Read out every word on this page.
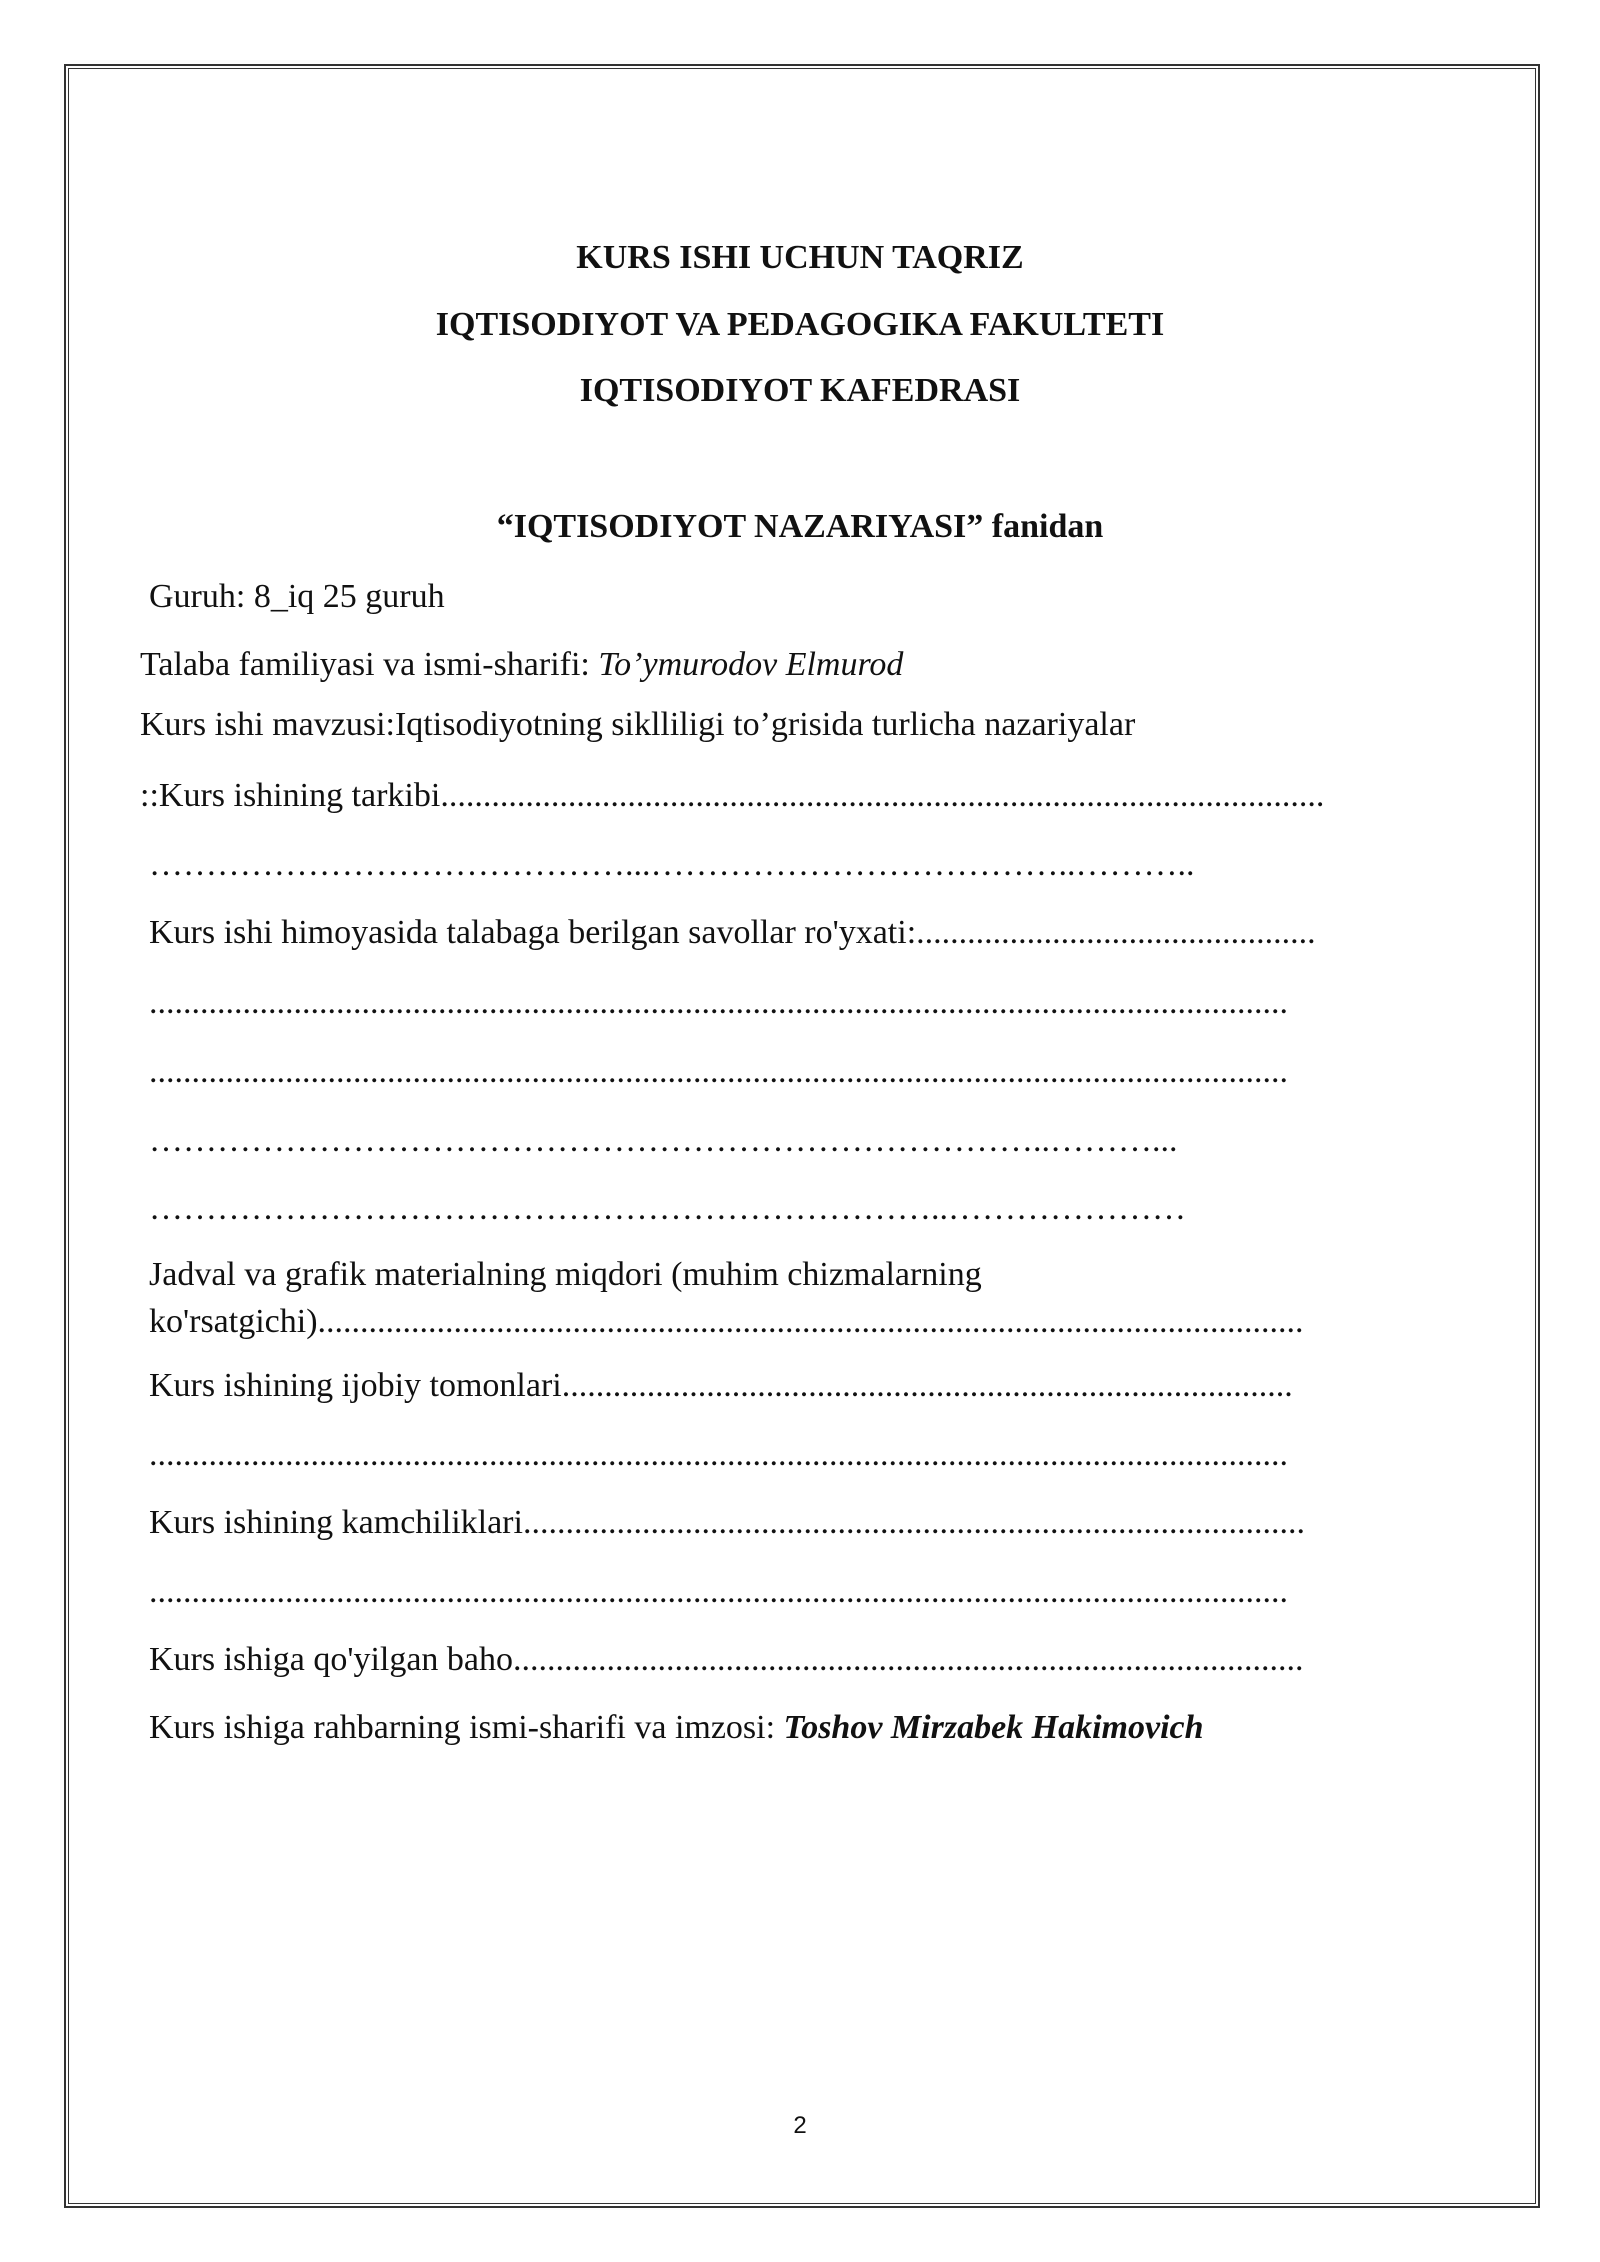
KURS ISHI UCHUN TAQRIZ
IQTISODIYOT VA PEDAGOGIKA FAKULTETI
IQTISODIYOT KAFEDRASI
“IQTISODIYOT NAZARIYASI” fanidan
Guruh: 8_iq 25 guruh
Talaba familiyasi va ismi-sharifi: To’ymurodov Elmurod
Kurs ishi mavzusi:Iqtisodiyotning siklliligi to’grisida turlicha nazariyalar
::Kurs ishining tarkibi........................................................................................................
……………………………………...………………………………..………..
Kurs ishi himoyasida talabaga berilgan savollar ro'yxati:...............................................
......................................................................................................................................
......................................................................................................................................
……………………………………………………………………..………...
……………………………………………………………..…………………
Jadval va grafik materialning miqdori (muhim chizmalarning
ko'rsatgichi)....................................................................................................................
Kurs ishining ijobiy tomonlari......................................................................................
......................................................................................................................................
Kurs ishining kamchiliklari............................................................................................
......................................................................................................................................
Kurs ishiga qo'yilgan baho.............................................................................................
Kurs ishiga rahbarning ismi-sharifi va imzosi: Toshov Mirzabek Hakimovich
2
